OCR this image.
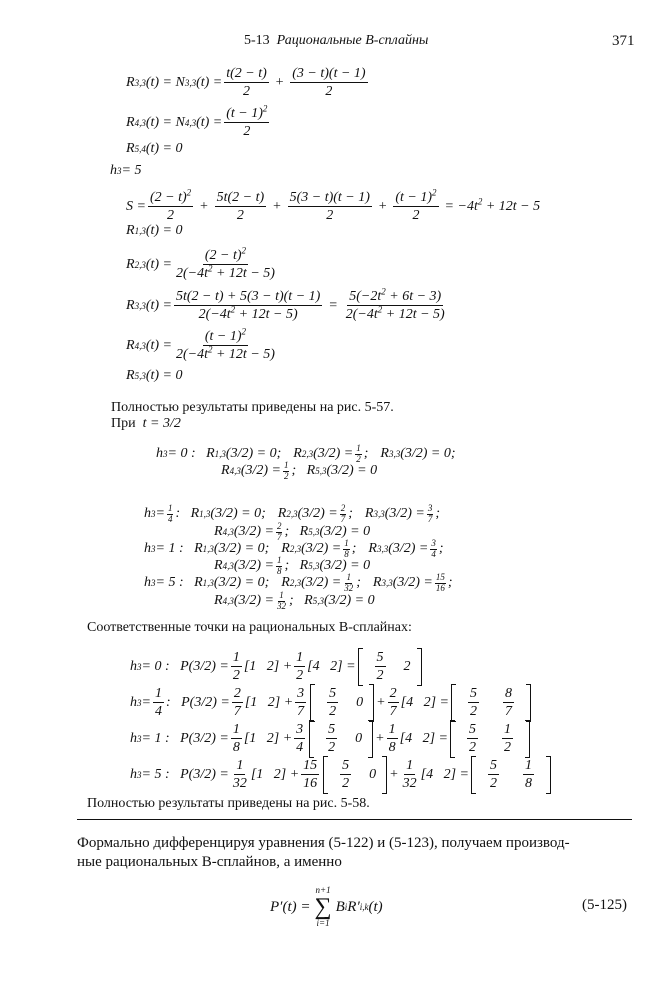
5-13 Рациональные B-сплайны	371
R 3,3 (t) = N 3,3 $(t) = \frac{t(2 - t)}{2} + \frac{(3 - t)(t - 1)}{2}$
R 4,3 (t) = N 4,3 $(t) = \frac{(t - 1)^2}{2}$
R 5,4 (t) = 0
h 3 = 5
$S = \frac{(2 - t)^2}{2} + \frac{5t(2 - t)}{2} + \frac{5(3 - t)(t - 1)}{2} + \frac{(t - 1)^2}{2} = -4t^2 + 12t - 5$
R 1,3 (t) = 0
R 2,3 $(t) = \frac{(2 - t)^2}{2(-4t^2 + 12t - 5)}$
R 3,3 $(t) = \frac{5t(2 - t) + 5(3 - t)(t - 1)}{2(-4t^2 + 12t - 5)} = \frac{5(-2t^2 + 6t - 3)}{2(-4t^2 + 12t - 5)}$
R 4,3 $(t) = \frac{(t - 1)^2}{2(-4t^2 + 12t - 5)}$
R 5,3 (t) = 0
Полностью результаты приведены на рис. 5-57.
При t = 3/2
h 3 = 0 :   R 1,3 (3/2) = 0;
R 2,3 $(3/2) = \frac{1}{2}$ ;
R 3,3 (3/2) = 0;
R 4,3 $(3/2) = \frac{1}{2}$ ;   R 5,3 (3/2) = 0
h $3 = \frac{1}{4}$ :   R 1,3 (3/2) = 0;
R 2,3 $(3/2) = \frac{2}{7}$ ;
R 3,3 $(3/2) = \frac{3}{7}$ ;
R 4,3 $(3/2) = \frac{2}{7}$ ;   R 5,3 (3/2) = 0
h 3 = 1 :   R 1,3 (3/2) = 0;
R 2,3 $(3/2) = \frac{1}{8}$ ;
R 3,3 $(3/2) = \frac{3}{4}$ ;
R 4,3 $(3/2) = \frac{1}{8}$ ;   R 5,3 (3/2) = 0
h 3 = 5 :   R 1,3 (3/2) = 0;
R 2,3 $(3/2) = \frac{1}{32}$ ;
R 3,3 $(3/2) = \frac{15}{16}$ ;
R 4,3 $(3/2) = \frac{1}{32}$ ;   R 5,3 (3/2) = 0
Соответственные точки на рациональных B-сплайнах:
h 3 = 0 :   $P(3/2) = \frac{1}{2} [1$   $2] + \frac{1}{2} [4$   $2] = \frac{5}{2} 2$
h $3 = \frac{1}{4}$ :   $P(3/2) = \frac{2}{7} [1$   $2] + \frac{3}{7} \frac{5}{2} 0 + \frac{2}{7} [4$   $2] = \frac{5}{2} \frac{8}{7}$
h 3 = 1 :   $P(3/2) = \frac{1}{8} [1$   $2] + \frac{3}{4} \frac{5}{2} 0 + \frac{1}{8} [4$   $2] = \frac{5}{2} \frac{1}{2}$
h 3 = 5 :   $P(3/2) = \frac{1}{32} [1$   $2] + \frac{15}{16} \frac{5}{2} 0 + \frac{1}{32} [4$   $2] = \frac{5}{2} \frac{1}{8}$
Полностью результаты приведены на рис. 5-58.
Формально дифференцируя уравнения (5-122) и (5-123), получаем производ-
ные рациональных B-сплайнов, а именно
P′(t) =
n+1
∑
i=1
B i R′ i,k (t)	(5-125)
